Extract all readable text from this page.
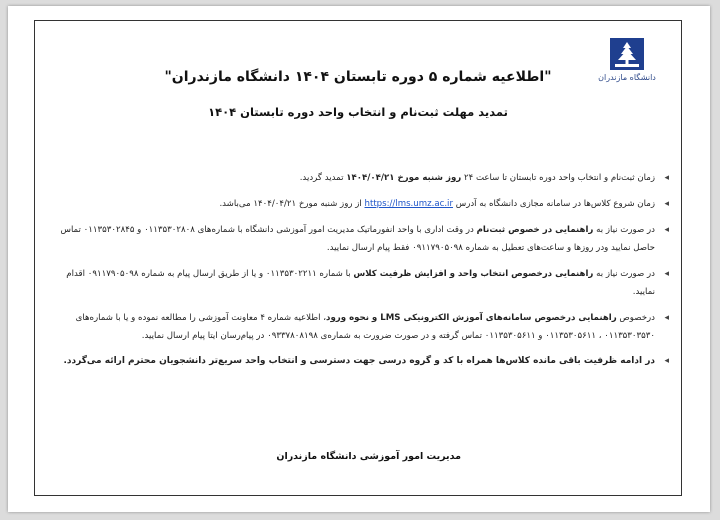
دانشگاه مازندران
"اطلاعیه شماره ۵ دوره تابستان ۱۴۰۴ دانشگاه مازندران"
تمدید مهلت ثبت‌نام و انتخاب واحد دوره تابستان ۱۴۰۴
◂
زمان ثبت‌نام و انتخاب واحد دوره تابستان تا ساعت ۲۴ روز شنبه مورخ ۱۴۰۴/۰۴/۲۱ تمدید گردید.
◂
زمان شروع کلاس‌ها در سامانه مجازی دانشگاه به آدرس https://lms.umz.ac.ir از روز شنبه مورخ ۱۴۰۴/۰۴/۲۱ می‌باشد.
◂
در صورت نیاز به راهنمایی در خصوص ثبت‌نام در وقت اداری با واحد انفورماتیک مدیریت امور آموزشی دانشگاه با شماره‌های ۰۱۱۳۵۳۰۲۸۰۸ و ۰۱۱۳۵۳۰۲۸۴۵ تماس حاصل نمایید ودر روزها و ساعت‌های تعطیل به شماره ۰۹۱۱۷۹۰۵۰۹۸ فقط پیام ارسال نمایید.
◂
در صورت نیاز به راهنمایی درخصوص انتخاب واحد و افزایش ظرفیت کلاس با شماره ۰۱۱۳۵۳۰۲۲۱۱ و یا از طریق ارسال پیام به شماره ۰۹۱۱۷۹۰۵۰۹۸ اقدام نمایید.
◂
درخصوص راهنمایی درخصوص سامانه‌های آموزش الکترونیکی LMS و نحوه ورود، اطلاعیه شماره ۴ معاونت آموزشی را مطالعه نموده و یا با شماره‌های ۰۱۱۳۵۳۰۳۵۳۰ ، ۰۱۱۳۵۳۰۵۶۱۱ و ۰۱۱۳۵۳۰۵۶۱۱ تماس گرفته و در صورت ضرورت به شماره‌ی ۰۹۳۳۷۸۰۸۱۹۸ در پیام‌رسان ایتا پیام ارسال نمایید.
◂
در ادامه ظرفیت باقی مانده کلاس‌ها همراه با کد و گروه درسی جهت دسترسی و انتخاب واحد سریع‌تر دانشجویان محترم ارائه می‌گردد.
مدیریت امور آموزشی دانشگاه مازندران
